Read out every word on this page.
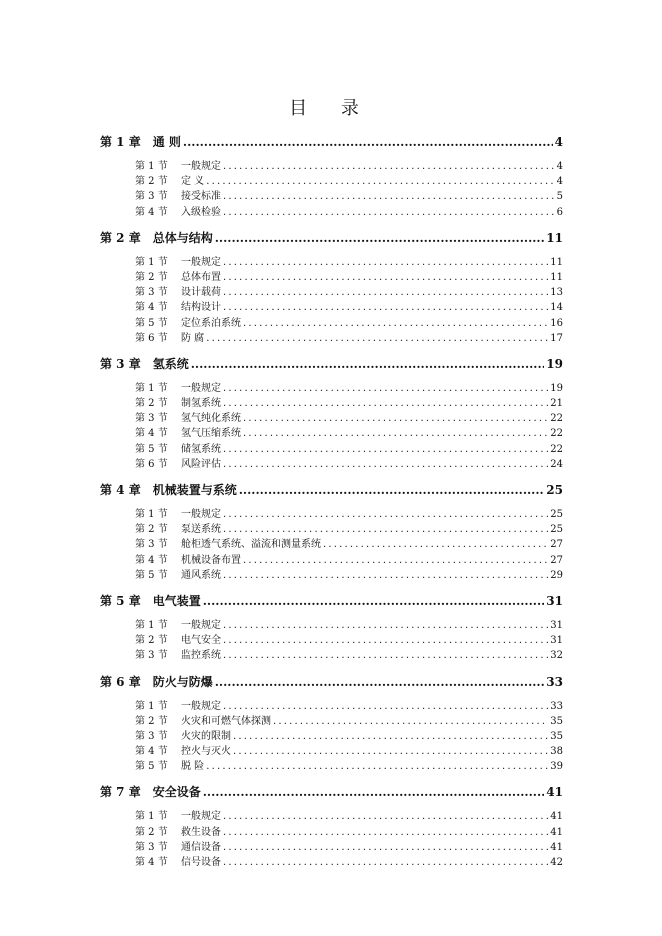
目 录
第 1 章 通 则 .....	4
第 1 节	一般规定 .....	4
第 2 节	定 义 .....	4
第 3 节	接受标准 .....	5
第 4 节	入级检验 .....	6
第 2 章 总体与结构 .....	11
第 1 节	一般规定 .....	11
第 2 节	总体布置 .....	11
第 3 节	设计载荷 .....	13
第 4 节	结构设计 .....	14
第 5 节	定位系泊系统 .....	16
第 6 节	防 腐 .....	17
第 3 章 氢系统 .....	19
第 1 节	一般规定 .....	19
第 2 节	制氢系统 .....	21
第 3 节	氢气纯化系统 .....	22
第 4 节	氢气压缩系统 .....	22
第 5 节	储氢系统 .....	22
第 6 节	风险评估 .....	24
第 4 章 机械装置与系统 .....	25
第 1 节	一般规定 .....	25
第 2 节	泵送系统 .....	25
第 3 节	舱柜透气系统、溢流和测量系统 .....	27
第 4 节	机械设备布置 .....	27
第 5 节	通风系统 .....	29
第 5 章 电气装置 .....	31
第 1 节	一般规定 .....	31
第 2 节	电气安全 .....	31
第 3 节	监控系统 .....	32
第 6 章 防火与防爆 .....	33
第 1 节	一般规定 .....	33
第 2 节	火灾和可燃气体探测 .....	35
第 3 节	火灾的限制 .....	35
第 4 节	控火与灭火 .....	38
第 5 节	脱 险 .....	39
第 7 章 安全设备 .....	41
第 1 节	一般规定 .....	41
第 2 节	救生设备 .....	41
第 3 节	通信设备 .....	41
第 4 节	信号设备 .....	42
